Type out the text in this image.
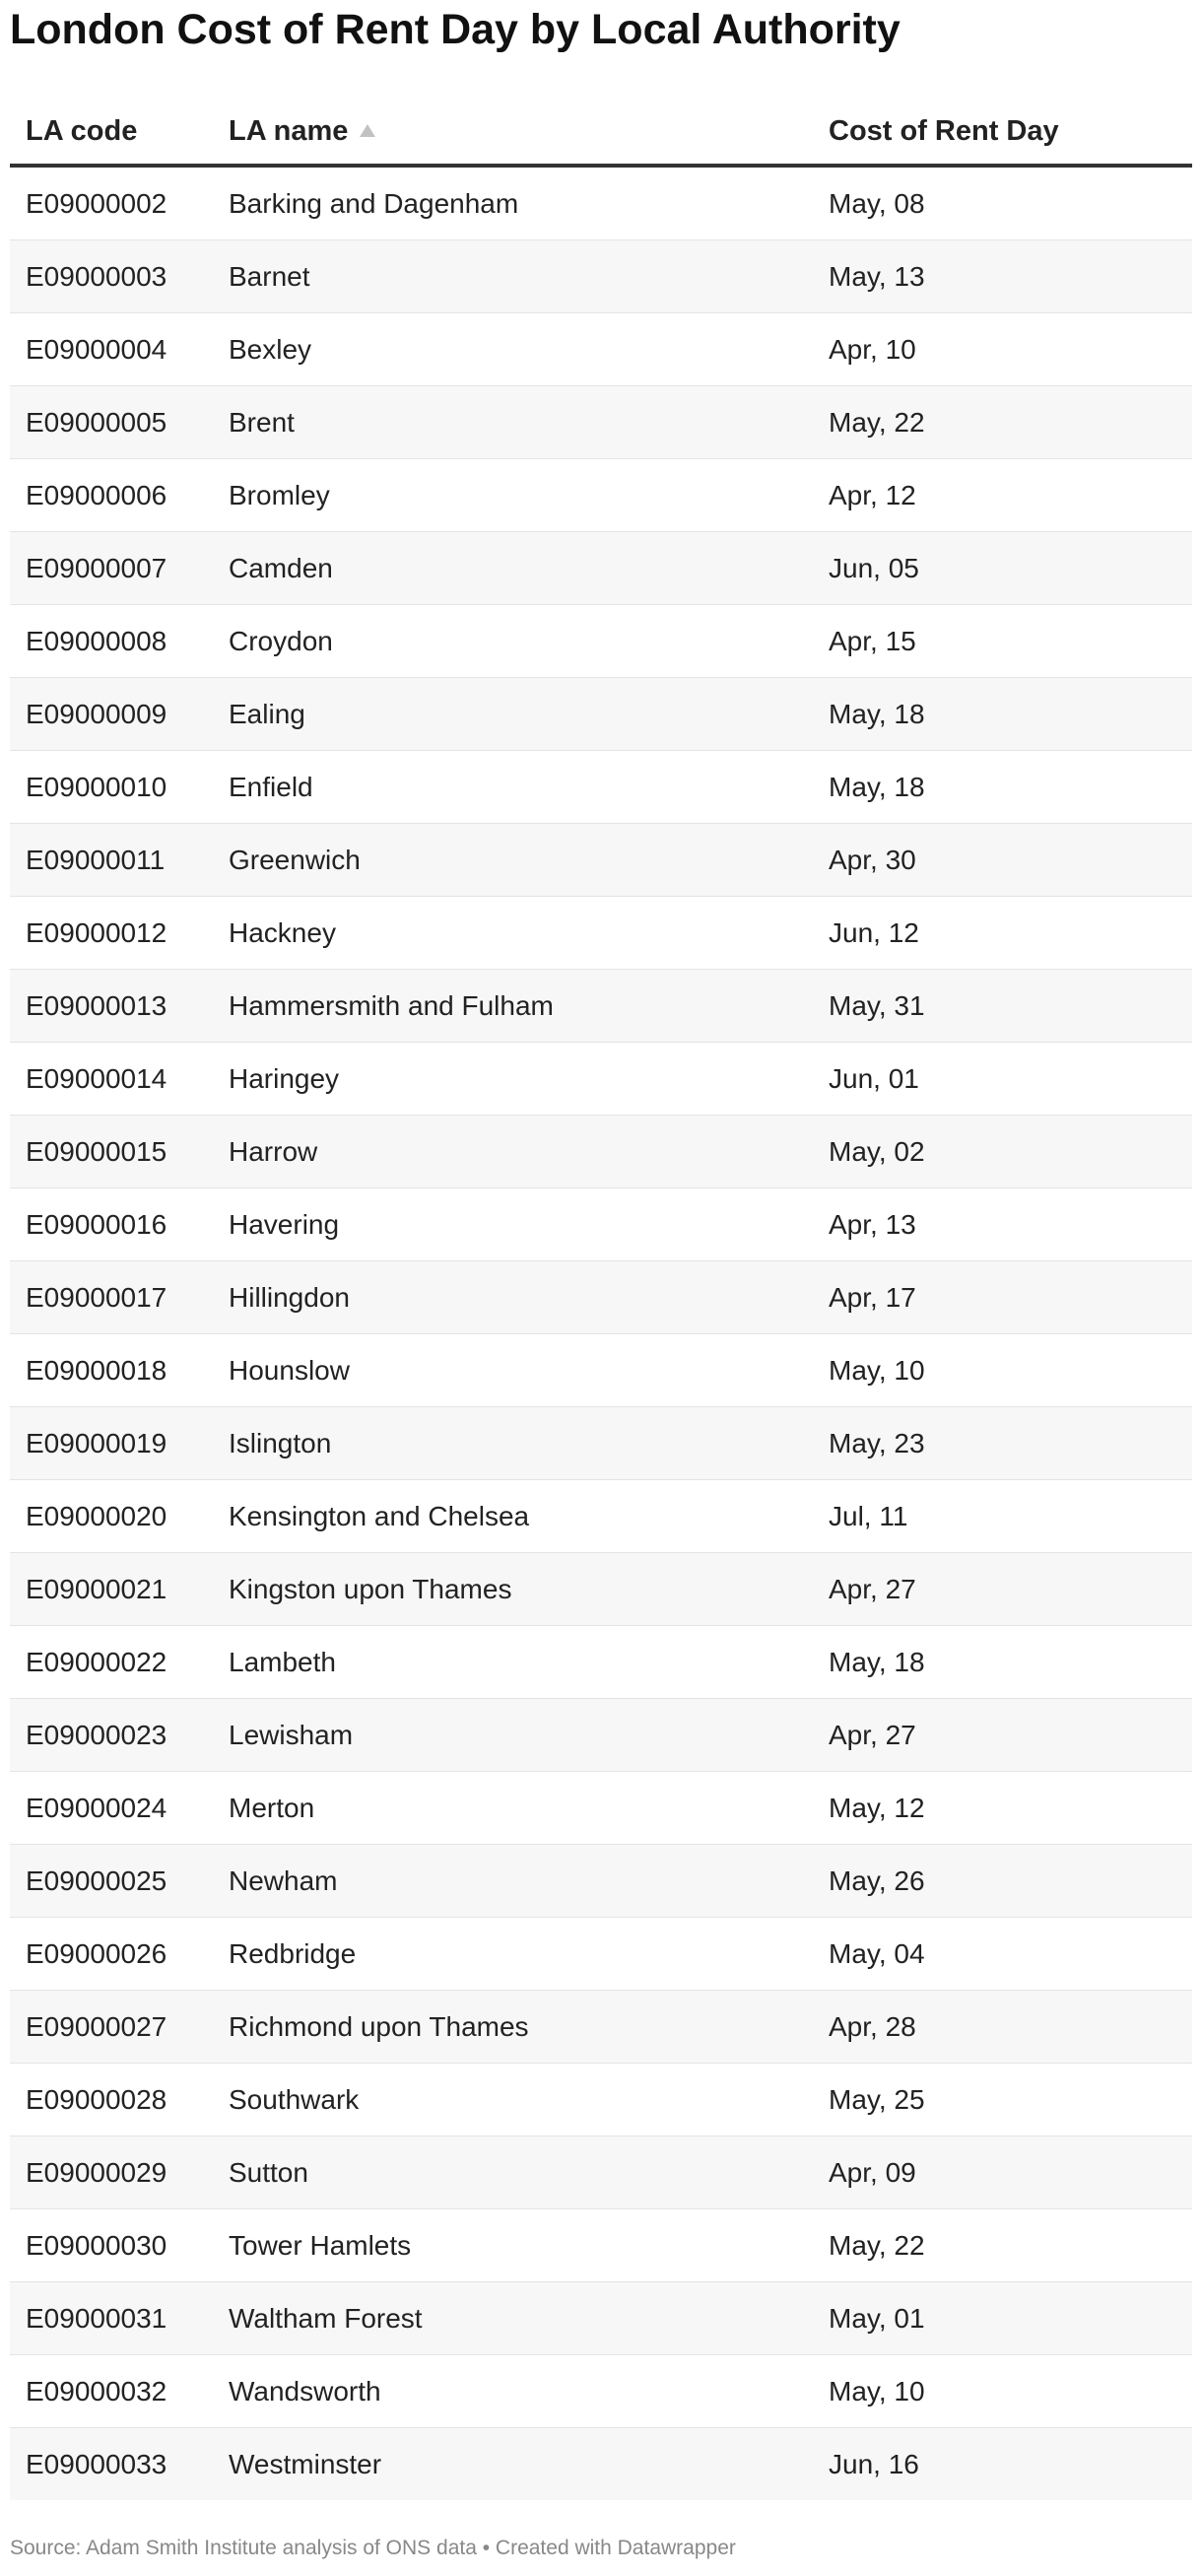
London Cost of Rent Day by Local Authority
LA code	LA name	Cost of Rent Day
E09000002	Barking and Dagenham	May, 08
E09000003	Barnet	May, 13
E09000004	Bexley	Apr, 10
E09000005	Brent	May, 22
E09000006	Bromley	Apr, 12
E09000007	Camden	Jun, 05
E09000008	Croydon	Apr, 15
E09000009	Ealing	May, 18
E09000010	Enfield	May, 18
E09000011	Greenwich	Apr, 30
E09000012	Hackney	Jun, 12
E09000013	Hammersmith and Fulham	May, 31
E09000014	Haringey	Jun, 01
E09000015	Harrow	May, 02
E09000016	Havering	Apr, 13
E09000017	Hillingdon	Apr, 17
E09000018	Hounslow	May, 10
E09000019	Islington	May, 23
E09000020	Kensington and Chelsea	Jul, 11
E09000021	Kingston upon Thames	Apr, 27
E09000022	Lambeth	May, 18
E09000023	Lewisham	Apr, 27
E09000024	Merton	May, 12
E09000025	Newham	May, 26
E09000026	Redbridge	May, 04
E09000027	Richmond upon Thames	Apr, 28
E09000028	Southwark	May, 25
E09000029	Sutton	Apr, 09
E09000030	Tower Hamlets	May, 22
E09000031	Waltham Forest	May, 01
E09000032	Wandsworth	May, 10
E09000033	Westminster	Jun, 16
Source: Adam Smith Institute analysis of ONS data • Created with Datawrapper
